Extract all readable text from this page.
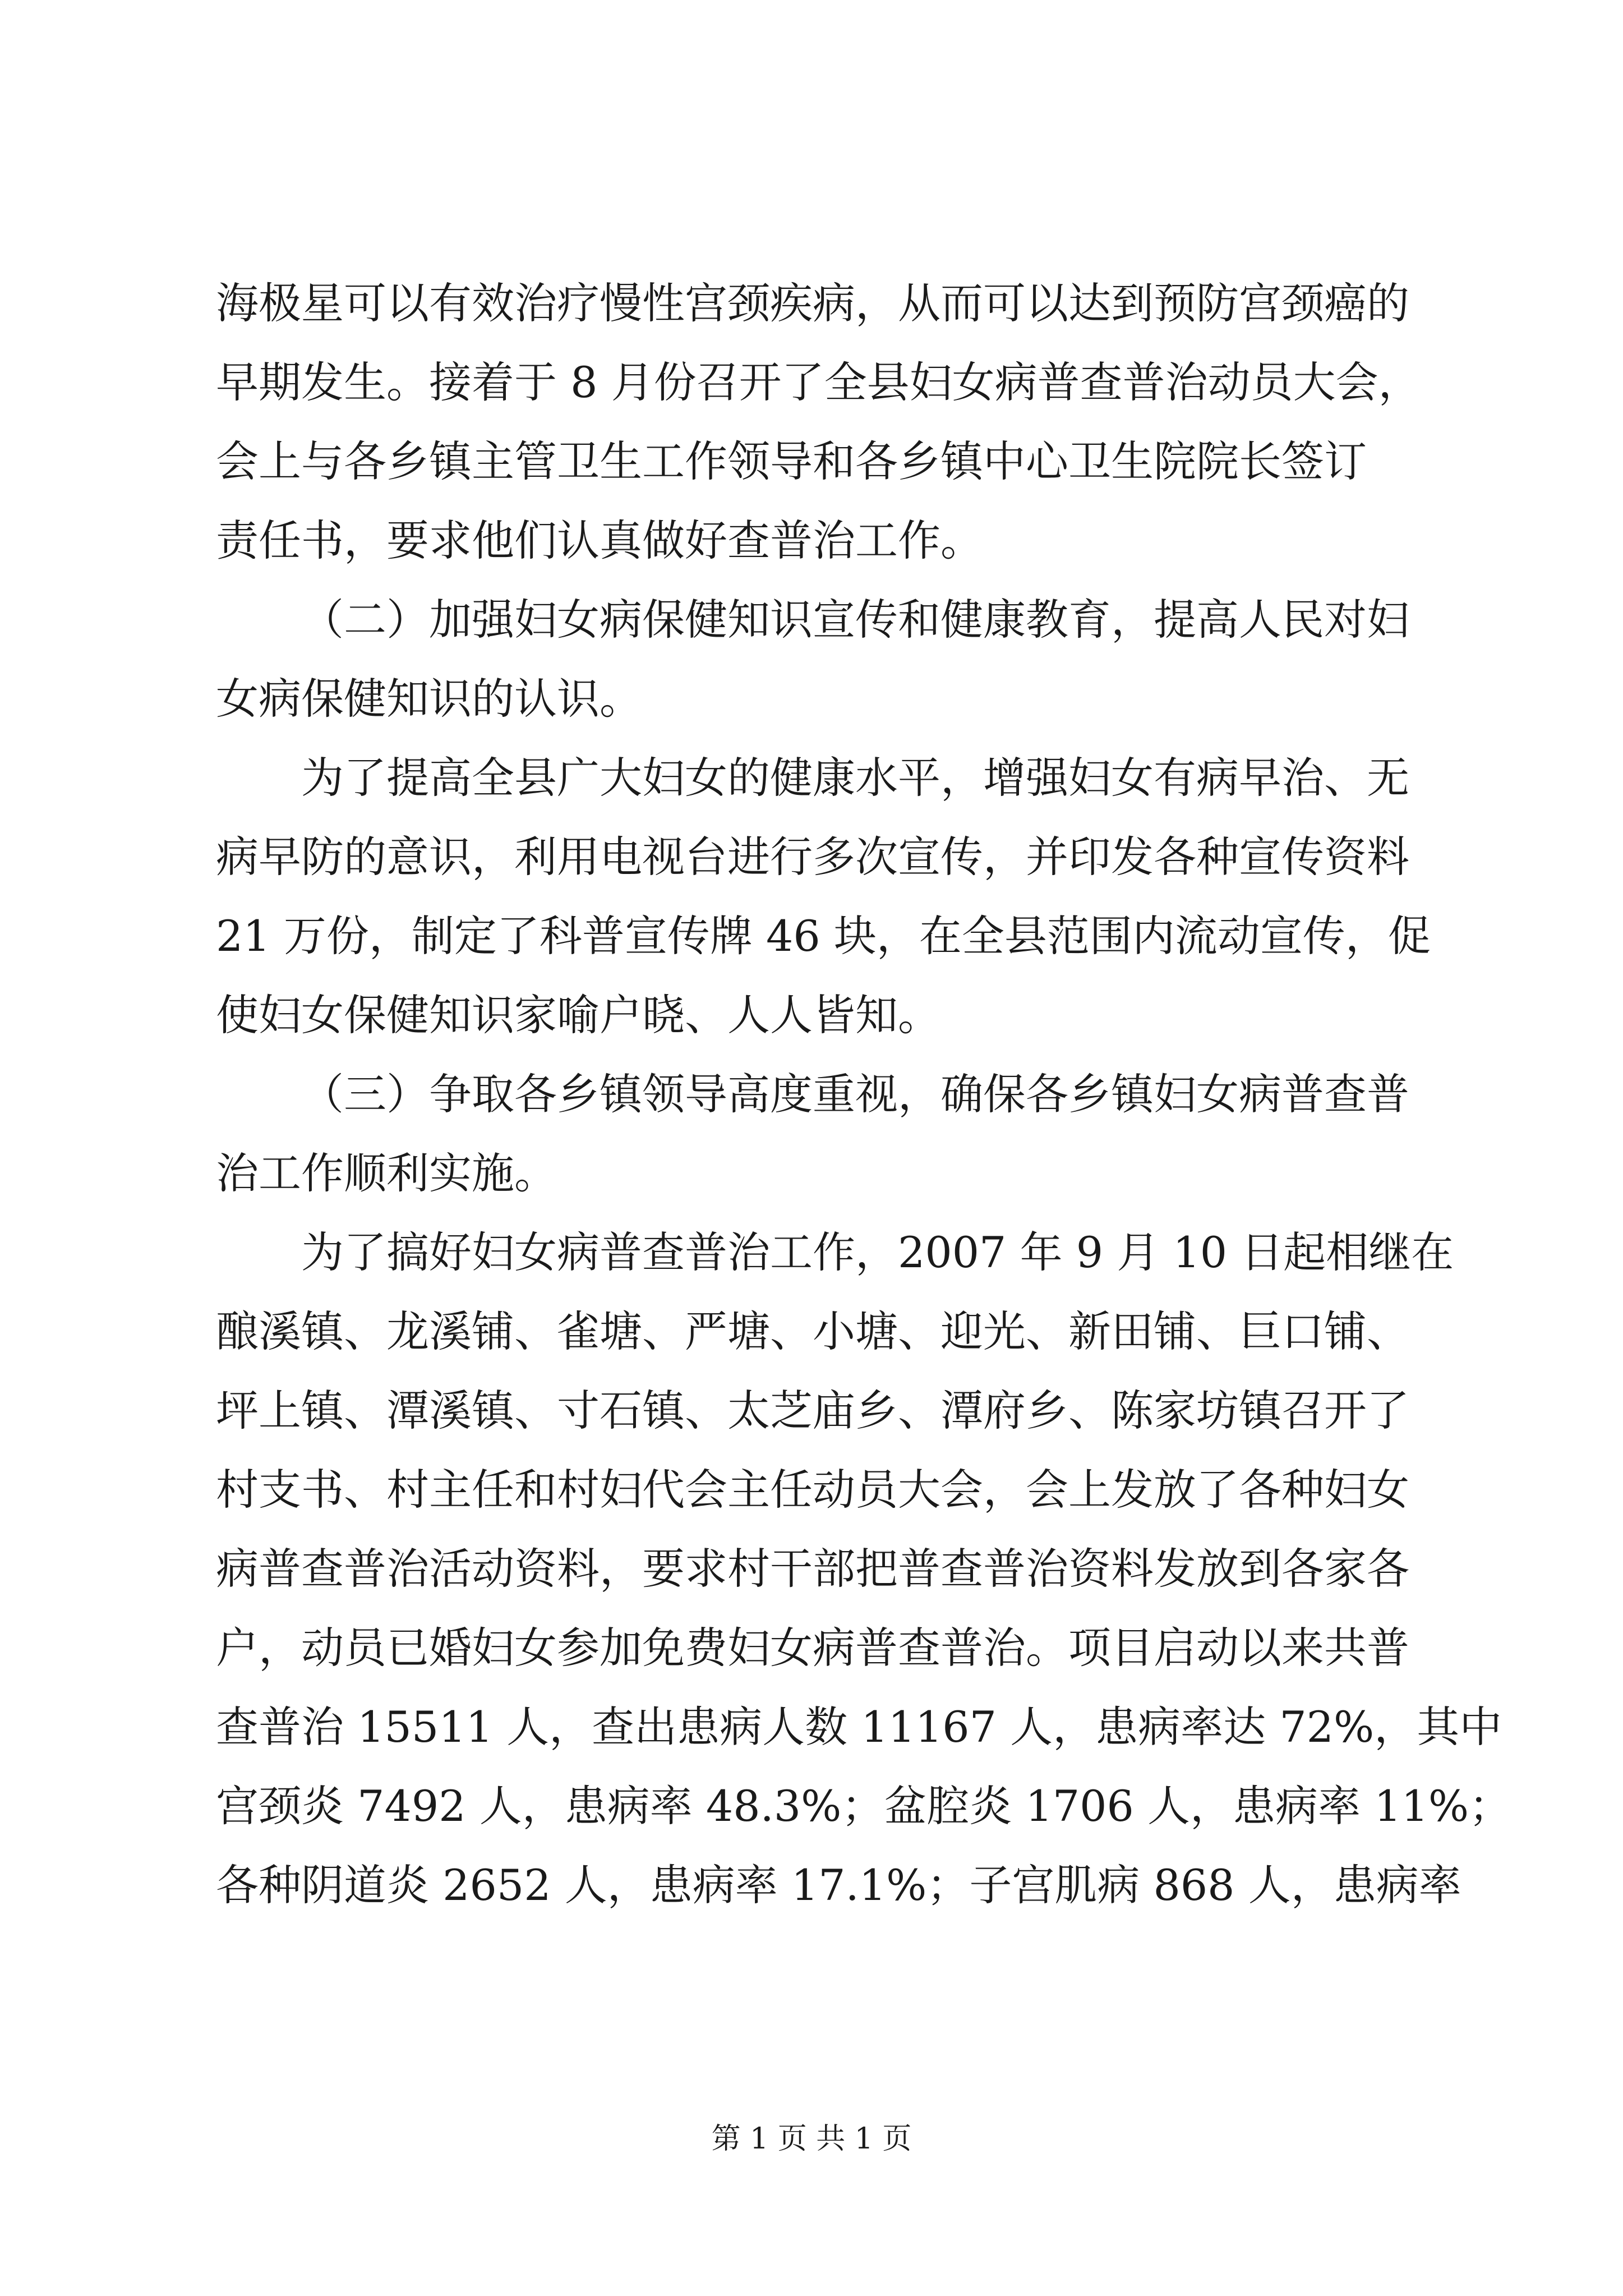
海极星可以有效治疗慢性宫颈疾病，从而可以达到预防宫颈癌的
早期发生。接着于 8 月份召开了全县妇女病普查普治动员大会，
会上与各乡镇主管卫生工作领导和各乡镇中心卫生院院长签订
责任书，要求他们认真做好查普治工作。
（二）加强妇女病保健知识宣传和健康教育，提高人民对妇
女病保健知识的认识。
为了提高全县广大妇女的健康水平，增强妇女有病早治、无
病早防的意识，利用电视台进行多次宣传，并印发各种宣传资料
21 万份，制定了科普宣传牌 46 块，在全县范围内流动宣传，促
使妇女保健知识家喻户晓、人人皆知。
（三）争取各乡镇领导高度重视，确保各乡镇妇女病普查普
治工作顺利实施。
为了搞好妇女病普查普治工作，2007 年 9 月 10 日起相继在
酿溪镇、龙溪铺、雀塘、严塘、小塘、迎光、新田铺、巨口铺、
坪上镇、潭溪镇、寸石镇、太芝庙乡、潭府乡、陈家坊镇召开了
村支书、村主任和村妇代会主任动员大会，会上发放了各种妇女
病普查普治活动资料，要求村干部把普查普治资料发放到各家各
户，动员已婚妇女参加免费妇女病普查普治。项目启动以来共普
查普治 15511 人，查出患病人数 11167 人，患病率达 72%，其中
宫颈炎 7492 人，患病率 48.3%；盆腔炎 1706 人，患病率 11%；
各种阴道炎 2652 人，患病率 17.1%；子宫肌病 868 人，患病率
第 1 页 共 1 页
